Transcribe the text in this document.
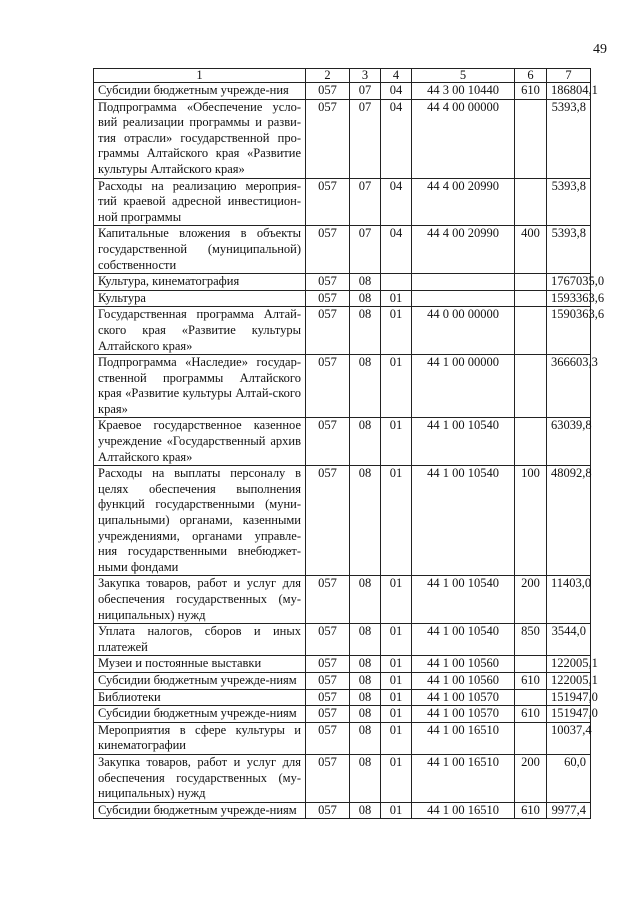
49
1	2	3	4	5	6	7
Субсидии бюджетным учрежде-ния	057	07	04	44 3 00 10440	610	186804,1
Подпрограмма «Обеспечение усло-вий реализации программы и разви-тия отрасли» государственной про-граммы Алтайского края «Развитие культуры Алтайского края»	057	07	04	44 4 00 00000		5393,8
Расходы на реализацию мероприя-тий краевой адресной инвестицион-ной программы	057	07	04	44 4 00 20990		5393,8
Капитальные вложения в объекты государственной (муниципальной) собственности	057	07	04	44 4 00 20990	400	5393,8
Культура, кинематография	057	08				1767035,0
Культура	057	08	01			1593363,6
Государственная программа Алтай-ского края «Развитие культуры Алтайского края»	057	08	01	44 0 00 00000		1590363,6
Подпрограмма «Наследие» государ-ственной программы Алтайского края «Развитие культуры Алтай-ского края»	057	08	01	44 1 00 00000		366603,3
Краевое государственное казенное учреждение «Государственный архив Алтайского края»	057	08	01	44 1 00 10540		63039,8
Расходы на выплаты персоналу в целях обеспечения выполнения функций государственными (муни-ципальными) органами, казенными учреждениями, органами управле-ния государственными внебюджет-ными фондами	057	08	01	44 1 00 10540	100	48092,8
Закупка товаров, работ и услуг для обеспечения государственных (му-ниципальных) нужд	057	08	01	44 1 00 10540	200	11403,0
Уплата налогов, сборов и иных платежей	057	08	01	44 1 00 10540	850	3544,0
Музеи и постоянные выставки	057	08	01	44 1 00 10560		122005,1
Субсидии бюджетным учрежде-ниям	057	08	01	44 1 00 10560	610	122005,1
Библиотеки	057	08	01	44 1 00 10570		151947,0
Субсидии бюджетным учрежде-ниям	057	08	01	44 1 00 10570	610	151947,0
Мероприятия в сфере культуры и кинематографии	057	08	01	44 1 00 16510		10037,4
Закупка товаров, работ и услуг для обеспечения государственных (му-ниципальных) нужд	057	08	01	44 1 00 16510	200	60,0
Субсидии бюджетным учрежде-ниям	057	08	01	44 1 00 16510	610	9977,4
